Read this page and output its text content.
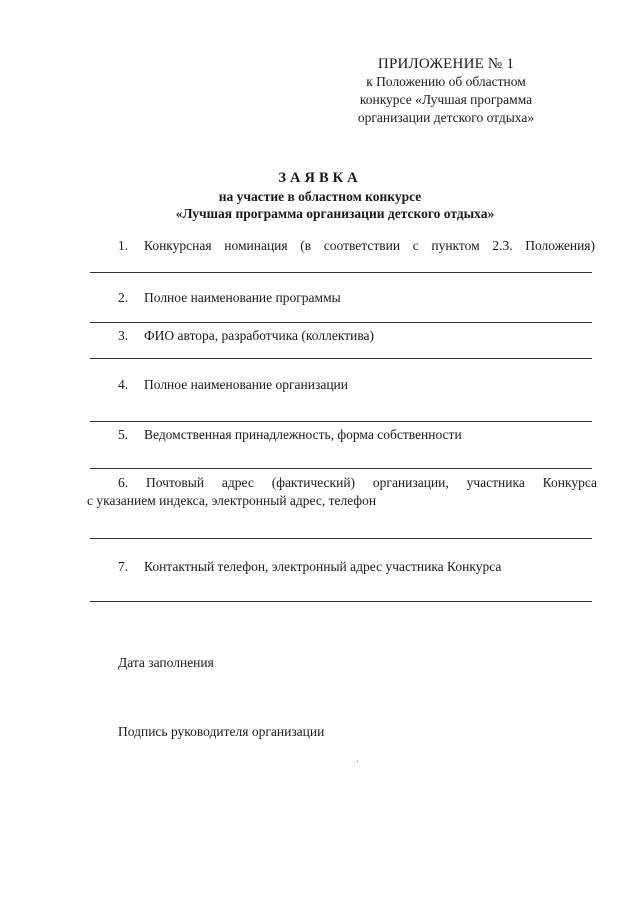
ПРИЛОЖЕНИЕ № 1
к Положению об областном
конкурсе «Лучшая программа
организации детского отдыха»
ЗАЯВКА
на участие в областном конкурсе
«Лучшая программа организации детского отдыха»
1. Конкурсная номинация (в соответствии с пунктом 2.3. Положения)
2. Полное наименование программы
3. ФИО автора, разработчика (коллектива)
4. Полное наименование организации
5. Ведомственная принадлежность, форма собственности
6. Почтовый адрес (фактический) организации, участника Конкурса
с указанием индекса, электронный адрес, телефон
7. Контактный телефон, электронный адрес участника Конкурса
Дата заполнения
Подпись руководителя организации
